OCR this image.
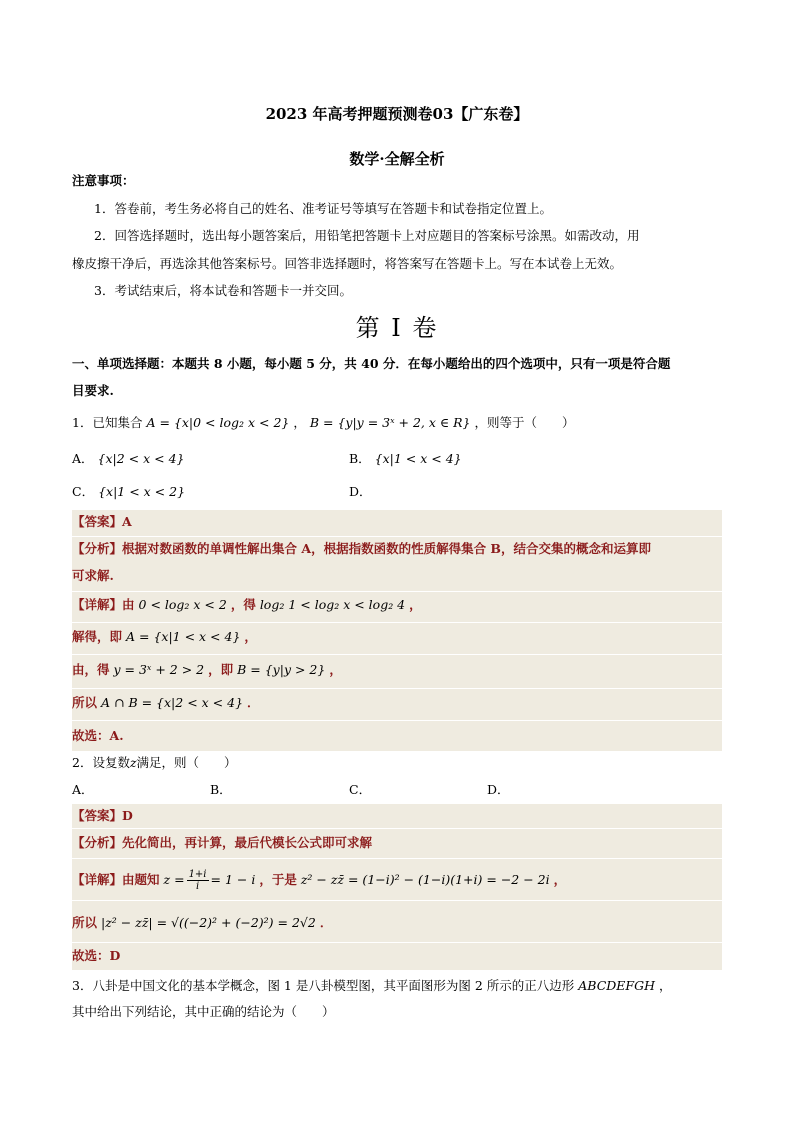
2023 年高考押题预测卷03【广东卷】
数学·全解全析
注意事项：
1．答卷前，考生务必将自己的姓名、准考证号等填写在答题卡和试卷指定位置上。
2．回答选择题时，选出每小题答案后，用铅笔把答题卡上对应题目的答案标号涂黑。如需改动，用
橡皮擦干净后，再选涂其他答案标号。回答非选择题时，将答案写在答题卡上。写在本试卷上无效。
3．考试结束后，将本试卷和答题卡一并交回。
第 I 卷
一、单项选择题：本题共 8 小题，每小题 5 分，共 40 分．在每小题给出的四个选项中，只有一项是符合题
目要求.
1．已知集合 A = {x|0 < log₂ x < 2} ， B = {y|y = 3ˣ + 2, x ∈ R} ，则等于（　　）
A． {x|2 < x < 4}	B． {x|1 < x < 4}
C． {x|1 < x < 2}	D．
【答案】A
【分析】根据对数函数的单调性解出集合 A，根据指数函数的性质解得集合 B，结合交集的概念和运算即
可求解.
【详解】由 0 < log₂ x < 2 ，得 log₂ 1 < log₂ x < log₂ 4 ，
解得，即 A = {x|1 < x < 4} ，
由，得 y = 3ˣ + 2 > 2 ，即 B = {y|y > 2} ，
所以 A ∩ B = {x|2 < x < 4} ．
故选：A.
2．设复数z满足，则（　　）
A．	B．	C．	D．
【答案】D
【分析】先化简出，再计算，最后代模长公式即可求解
【详解】由题知 $z = \frac{1+i}{i} = 1 - i$ ，于是 z² − zz̄ = (1−i)² − (1−i)(1+i) = −2 − 2i ，
所以 |z² − zz̄| = √((−2)² + (−2)²) = 2√2 ．
故选：D
3．八卦是中国文化的基本学概念，图 1 是八卦模型图，其平面图形为图 2 所示的正八边形 ABCDEFGH ，
其中给出下列结论，其中正确的结论为（　　）
